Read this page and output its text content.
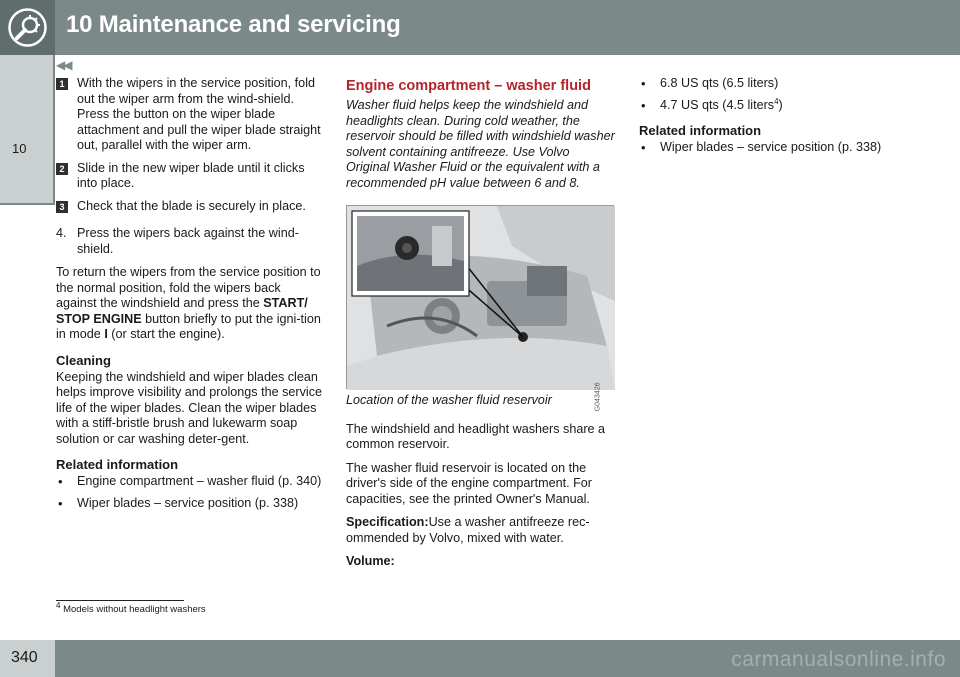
10 Maintenance and servicing
10
◀◀
1 With the wipers in the service position, fold out the wiper arm from the wind-shield. Press the button on the wiper blade attachment and pull the wiper blade straight out, parallel with the wiper arm.
2 Slide in the new wiper blade until it clicks into place.
3 Check that the blade is securely in place.
4. Press the wipers back against the wind-shield.

To return the wipers from the service position to the normal position, fold the wipers back against the windshield and press the START/ STOP ENGINE button briefly to put the igni-tion in mode I (or start the engine).

Cleaning

Keeping the windshield and wiper blades clean helps improve visibility and prolongs the service life of the wiper blades. Clean the wiper blades with a stiff-bristle brush and lukewarm soap solution or car washing deter-gent.

Related information
• Engine compartment – washer fluid (p. 340)
• Wiper blades – service position (p. 338)
Engine compartment – washer fluid

Washer fluid helps keep the windshield and headlights clean. During cold weather, the reservoir should be filled with windshield washer solvent containing antifreeze. Use Volvo Original Washer Fluid or the equivalent with a recommended pH value between 6 and 8.

G043426

Location of the washer fluid reservoir

The windshield and headlight washers share a common reservoir.

The washer fluid reservoir is located on the driver's side of the engine compartment. For capacities, see the printed Owner's Manual.

Specification:Use a washer antifreeze rec-ommended by Volvo, mixed with water.

Volume:

• 6.8 US qts (6.5 liters)
• 4.7 US qts (4.5 liters$^4$)
Related information
• Wiper blades – service position (p. 338)
$^4$ Models without headlight washers
340	carmanualsonline.info
